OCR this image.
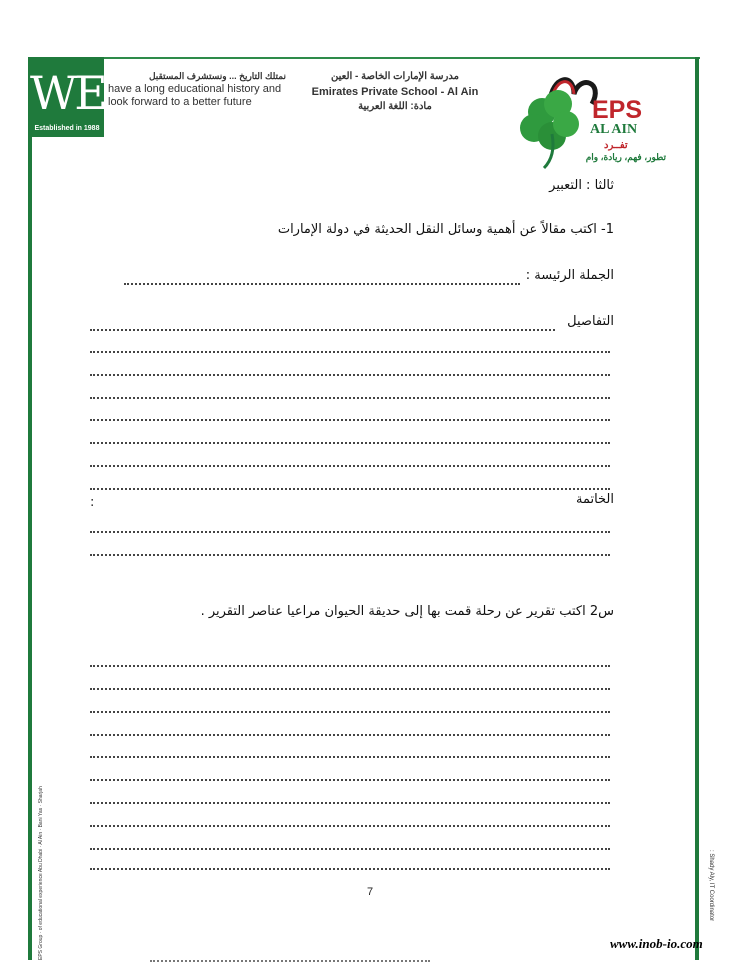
WE
Established in 1988
نمتلك التاريخ ... ونستشرف المستقبل
have a long educational history and
look forward to a better future
مدرسة الإمارات الخاصة - العين
Emirates Private School - Al Ain
مادة: اللغة العربية	EPS
AL AIN
تفــرد
تطور، فهم، ريادة، وام
ثالثا : التعبير
1- اكتب مقالاً عن أهمية وسائل النقل الحديثة في دولة الإمارات
الجملة الرئيسة :
التفاصيل
الخاتمة
:
س2 اكتب تقرير عن رحلة قمت بها إلى حديقة الحيوان مراعيا عناصر التقرير .
7
EPS Group · of educational experience Abu Dhabi · Al Ain · Bani Yas · Sharjah	: Shady Aly, IT Coordinator
www.inob-io.com
